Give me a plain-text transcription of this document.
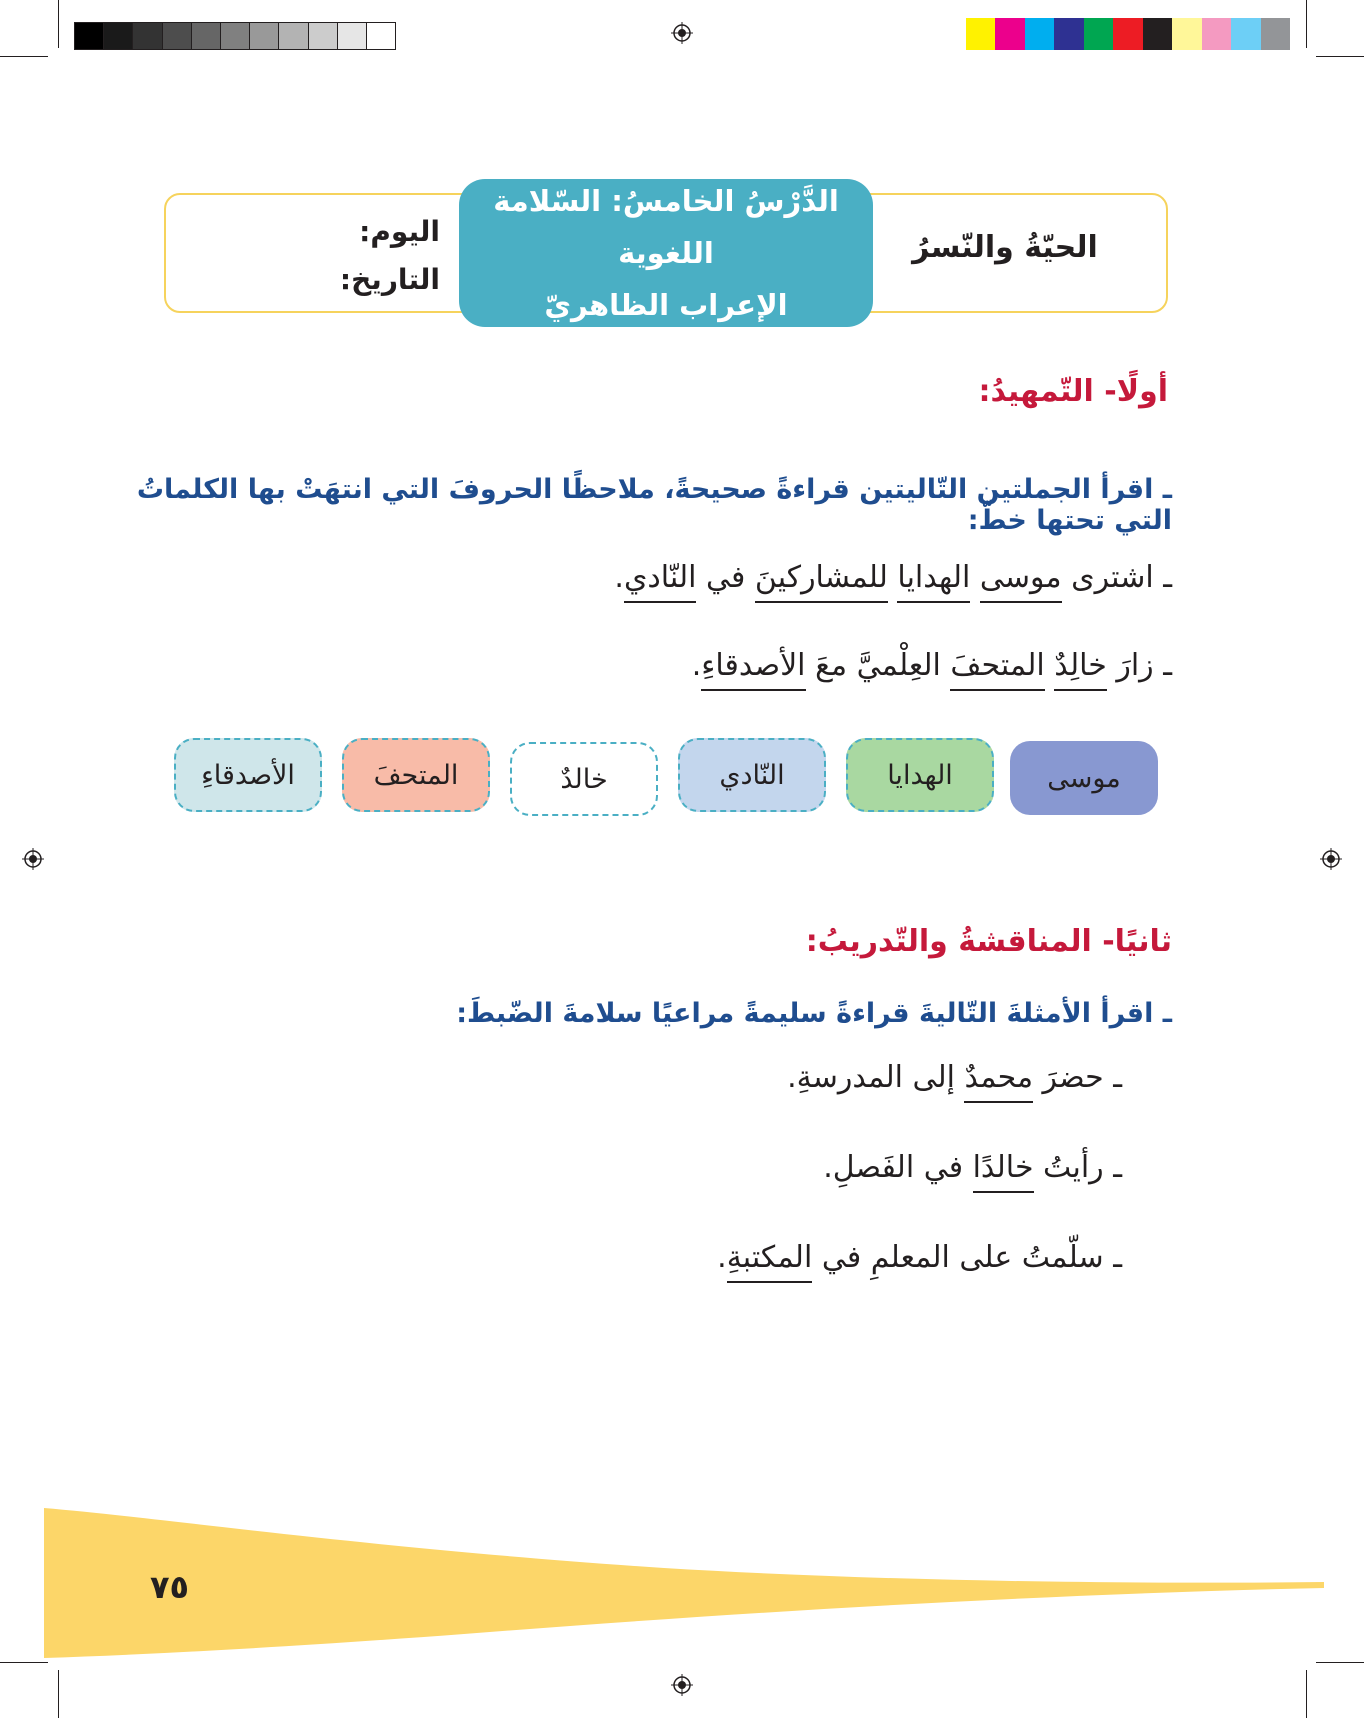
الدَّرْسُ الخامسُ: السّلامة اللغوية
الإعراب الظاهريّ
الحيّةُ والنّسرُ
اليوم:
التاريخ:
أولًا- التّمهيدُ:
ـ اقرأ الجملتين التّاليتين قراءةً صحيحةً، ملاحظًا الحروفَ التي انتهَتْ بها الكلماتُ التي تحتها خطّ:
ـ اشترى موسى الهدايا للمشاركينَ في النّادي.
ـ زارَ خالِدٌ المتحفَ العِلْميَّ معَ الأصدقاءِ.
موسى
الهدايا
النّادي
خالدٌ
المتحفَ
الأصدقاءِ
ثانيًا- المناقشةُ والتّدريبُ:
ـ اقرأ الأمثلةَ التّاليةَ قراءةً سليمةً مراعيًا سلامةَ الضّبطَ:
ـ حضرَ محمدٌ إلى المدرسةِ.
ـ رأيتُ خالدًا في الفَصلِ.
ـ سلّمتُ على المعلمِ في المكتبةِ.
٧٥
